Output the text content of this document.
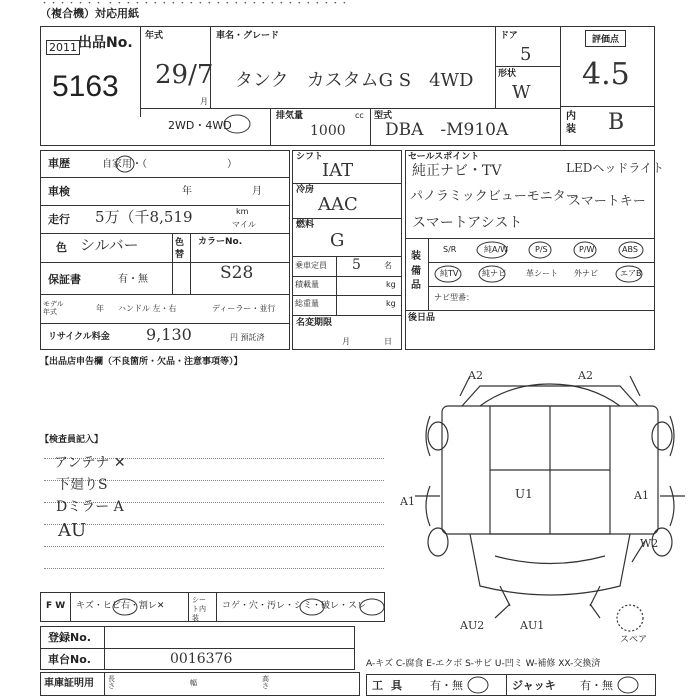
・・・・・・・ ・・・・・・・・・・・・・・・・・・・・・・・・・・・
（複合機）対応用紙
出品No.
2011
5163
年式
29/7
月
車名・グレード
タンク　カスタムG S　4WD
ドア
5
形状
W
評価点
4.5
内装 B
2WD・4WD
排気量	cc
1000
型式
DBA　-M910A
車歴	自家用・（　　　　　　　　）
車検	年	月
走行 5万（千8,519	km
マイル
色 シルバー	色替
カラーNo.
S28
保証書	有・無
モデル年式	年 ハンドル 左・右	ディーラー・並行
リサイクル料金 9,130	円 預託済
シフト
IAT
冷房
AAC
燃料
G
乗車定員 5	名
積載量	kg
総重量	kg
名変期限
月	日
セールスポイント
純正ナビ・TV
パノラミックビューモニター
スマートアシスト
LEDヘッドライト
スマートキー
装備品
S/R	純A/W	P/S	P/W	ABS
純TV	純ナビ	革シート 外ナビ	エアB
ナビ型番：
後日品
【出品店申告欄（不良箇所・欠品・注意事項等）】
【検査員記入】
アンテナ ✕
下廻りS
Dミラー A
AU
A2	A2
A1	A1
U1
W2
AU2	AU1
スペア
F W キズ・ヒビ右・割レ✕
シート内装
コゲ・穴・汚レ・シミ・破レ・スレ
登録No.
車台No.	0016376
車庫証明用 長さ	幅	高さ
A-キズ C-腐食 E-エクボ S-サビ U-凹ミ W-補修 XX-交換済
工具 有・無	ジャッキ 有・無
